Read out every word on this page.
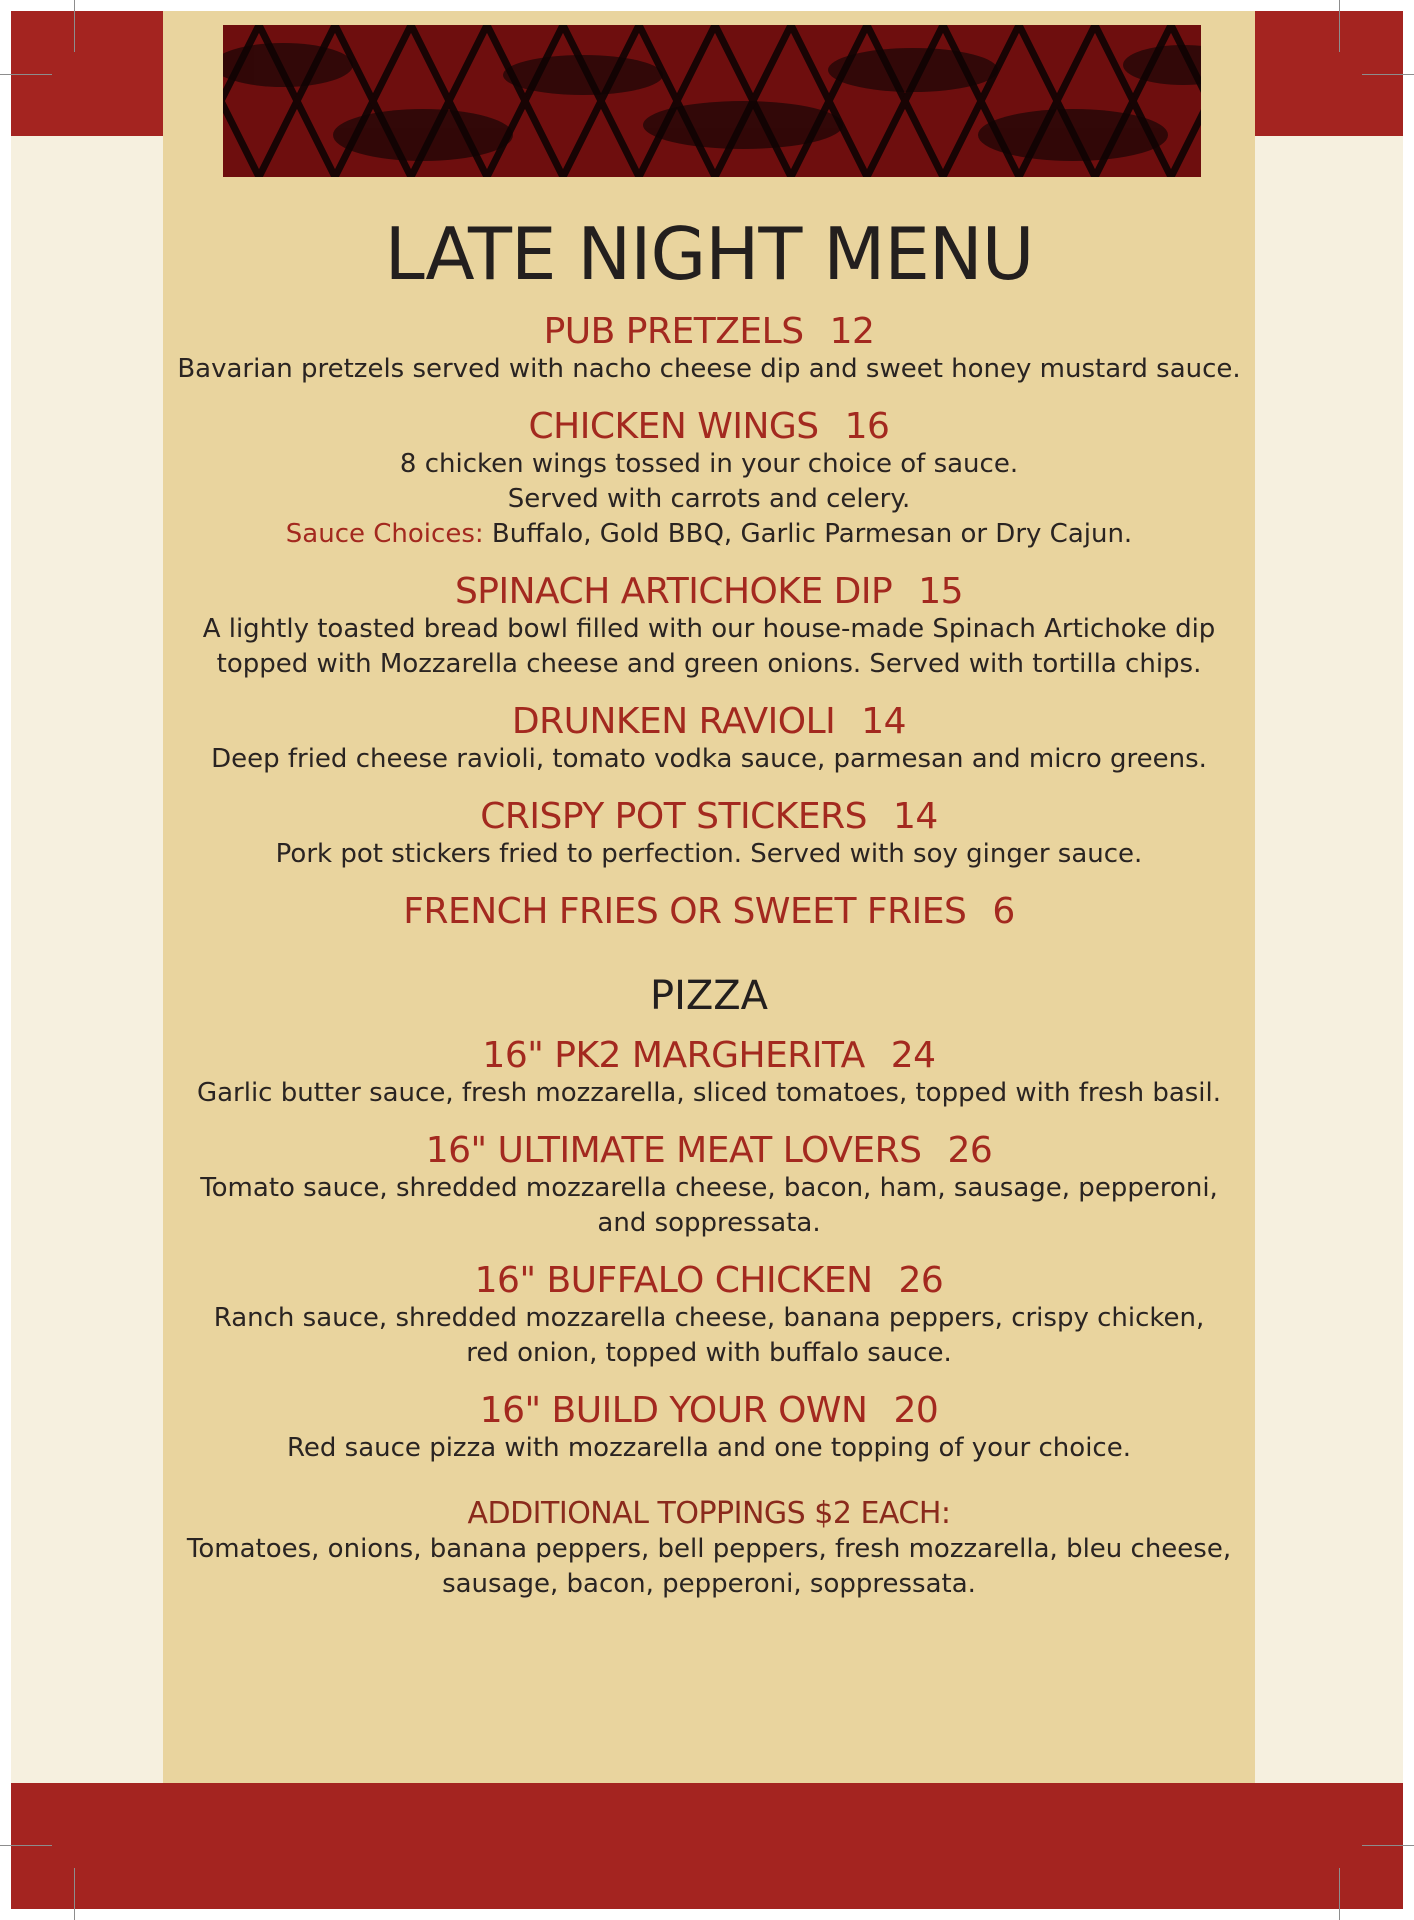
LATE NIGHT MENU
PUB PRETZELS 12
Bavarian pretzels served with nacho cheese dip and sweet honey mustard sauce.
CHICKEN WINGS 16
8 chicken wings tossed in your choice of sauce.
Served with carrots and celery.
Sauce Choices: Buffalo, Gold BBQ, Garlic Parmesan or Dry Cajun.
SPINACH ARTICHOKE DIP 15
A lightly toasted bread bowl filled with our house-made Spinach Artichoke dip
topped with Mozzarella cheese and green onions. Served with tortilla chips.
DRUNKEN RAVIOLI 14
Deep fried cheese ravioli, tomato vodka sauce, parmesan and micro greens.
CRISPY POT STICKERS 14
Pork pot stickers fried to perfection. Served with soy ginger sauce.
FRENCH FRIES OR SWEET FRIES 6
PIZZA
16" PK2 MARGHERITA 24
Garlic butter sauce, fresh mozzarella, sliced tomatoes, topped with fresh basil.
16" ULTIMATE MEAT LOVERS 26
Tomato sauce, shredded mozzarella cheese, bacon, ham, sausage, pepperoni,
and soppressata.
16" BUFFALO CHICKEN 26
Ranch sauce, shredded mozzarella cheese, banana peppers, crispy chicken,
red onion, topped with buffalo sauce.
16" BUILD YOUR OWN 20
Red sauce pizza with mozzarella and one topping of your choice.
ADDITIONAL TOPPINGS $2 EACH:
Tomatoes, onions, banana peppers, bell peppers, fresh mozzarella, bleu cheese,
sausage, bacon, pepperoni, soppressata.
